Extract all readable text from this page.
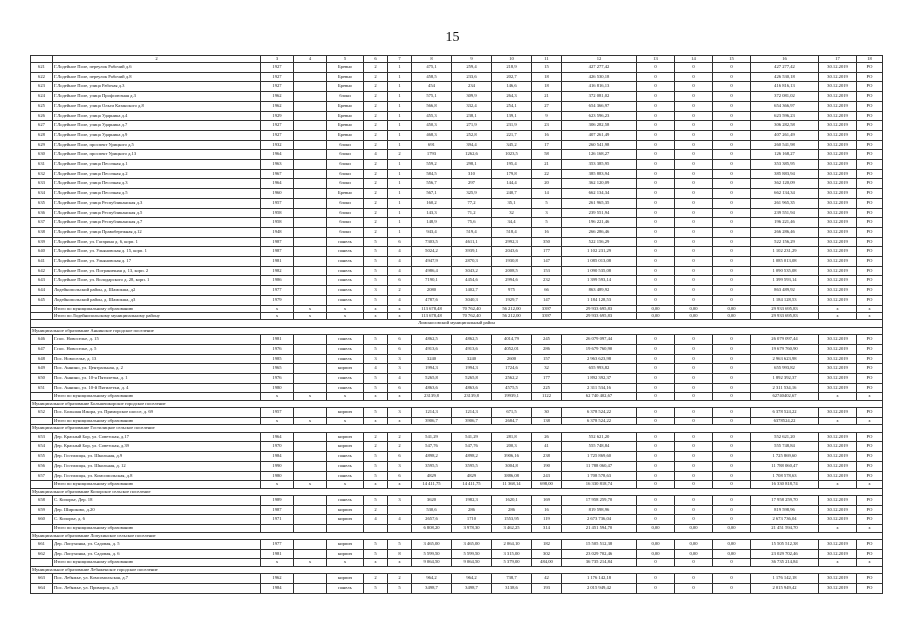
15
	2	3	4	5	6	7	8	9	10	11	12	13	14	15	16	17	18
621	Г.Лодейное Поле, переулок Рабочий д.6	1927		Бревно	2	1	475,1	259,4	218,9	15	427 277,42	0	0	0	427 277,42	30.12.2019	РО
622	Г.Лодейное Поле, переулок Рабочий д.8	1927		Бревно	2	1	458,5	233,6	202,7	18	426 530,18	0	0	0	426 530,18	30.12.2019	РО
623	Г.Лодейное Поле, улица Рабочая д.3	1927		Бревно	2	1	454	234	146,6	18	416 816,13	0	0	0	416 816,13	30.12.2019	РО
624	Г.Лодейное Поле, улица Профсоюзная д.3	1962		блоки	2	1	575,1	309,9	264,3	21	372 081,02	0	0	0	372 081,02	30.12.2019	РО
625	Г.Лодейное Поле, улица Ольги Казанского д.8	1962		Бревно	2	1	566,8	332,4	254,1	27	654 366,97	0	0	0	654 366,97	30.12.2019	РО
626	Г.Лодейное Поле, улица Ударника д.4	1929		Бревно	2	1	455,3	238,1	139,1	9	623 596,23	0	0	0	623 596,23	30.12.2019	РО
627	Г.Лодейное Поле, улица Ударника д.7	1927		Бревно	2	1	450,3	271,9	231,9	23	306 282,58	0	0	0	306 282,58	30.12.2019	РО
628	Г.Лодейное Поле, улица Ударника д.9	1927		Бревно	2	1	468,3	252,8	221,7	16	407 261,49	0	0	0	407 261,49	30.12.2019	РО
629	Г.Лодейное Поле, проспект Урицкого д.5	1932		блоки	2	1	691	394,4	345,2	17	260 541,98	0	0	0	260 541,98	30.12.2019	РО
630	Г.Лодейное Поле, проспект Урицкого д.13	1964		блоки	4	2	1793	1262,6	1023,5	58	126 168,27	0	0	0	126 168,27	30.12.2019	РО
631	Г.Лодейное Поле, улица Песочная д.1	1963		блоки	2	1	559,2	298,1	195,4	21	353 385,95	0	0	0	353 385,95	30.12.2019	РО
632	Г.Лодейное Поле, улица Песочная д.2	1967		блоки	2	1	584,5	310	179,8	22	385 883,94	0	0	0	385 883,94	30.12.2019	РО
633	Г.Лодейное Поле, улица Песочная д.3	1964		блоки	2	1	556,7	297	144,4	20	362 120,09	0	0	0	362 120,09	30.12.2019	РО
634	Г.Лодейное Поле, улица Песочная д.5	1960		Бревно	2	1	567,1	325,9	240,7	14	662 134,34	0	0	0	662 134,34	30.12.2019	РО
635	Г.Лодейное Поле, улица Республиканская д.3	1957		блоки	2	1	160,2	77,2	35,1	5	261 965,35	0	0	0	261 965,35	30.12.2019	РО
636	Г.Лодейное Поле, улица Республиканская д.5	1958		блоки	2	1	143,3	71,2	32	3	239 551,94	0	0	0	239 551,94	30.12.2019	РО
637	Г.Лодейное Поле, улица Республиканская д.7	1958		блоки	2	1	148,9	75,6	34,4	5	196 221,46	0	0	0	196 221,46	30.12.2019	РО
638	Г.Лодейное Поле, улица Правобережная д.12	1948		блоки	2	1	943,4	519,4	518,4	16	266 286,46	0	0	0	266 286,46	30.12.2019	РО
639	Г.Лодейное Поле, ул. Гагарина д. 6, корп. 1	1987		панель	5	6	7303,5	4611,1	2992,3	350	522 156,29	0	0	0	522 156,29	30.12.2019	РО
640	Г.Лодейное Поле, ул. Ульяновская д. 15, корп. 1	1987		панель	5	4	5024,2	3939,1	2043,6	177	1 102 231,29	0	0	0	1 102 231,29	30.12.2019	РО
641	Г.Лодейное Поле, ул. Ульяновская д. 17	1981		панель	5	4	4947,9	2870,3	1930,8	147	1 085 013,08	0	0	0	1 085 013,08	30.12.2019	РО
642	Г.Лодейное Поле, ул. Пограничная д. 13, корп. 2	1982		панель	5	4	4986,4	3043,2	2008,5	153	1 090 535,08	0	0	0	1 090 535,08	30.12.2019	РО
643	Г.Лодейное Поле, ул. Володарского д. 28, корп. 1	1986		панель	5	6	7190,1	4454,6	2994,6	232	1 399 593,14	0	0	0	1 399 593,14	30.12.2019	РО
644	Лодейнопольский район, д. Шамокша, д2	1977		панель	3	2	2080	1402,7	975	66	863 489,92	0	0	0	863 489,92	30.12.2019	РО
645	Лодейнопольский район, д. Шамокша, д3	1979		панель	5	4	4787,6	3040,3	1929,7	147	1 184 128,53	0	0	0	1 184 128,53	30.12.2019	РО
	Итого по муниципальному образованию	х	х	х	х	х	113 678,48	70 762,40	56 212,00	3397	29 933 695,83	0,00	0,00	0,00	29 933 695,83	х	х
	Итого по Лодейнопольскому муниципальному району	х	х	х	х	х	113 678,48	70 762,40	56 212,00	3397	29 933 695,83	0,00	0,00	0,00	29 933 695,83	х	х
Ломоносовский муниципальный район																	
Муниципальное образование Аннинское городское поселение																	
646	Г.пос. Новоселье, д. 15	1981		панель	5	6	4862,5	4862,5	4014,79	245	26 079 097,44	0	0	0	26 079 097,44	30.12.2019	РО
647	Г.пос. Новоселье, д. 5	1976		панель	5	6	4913,6	4913,6	4052,01	286	19 679 760,90	0	0	0	19 679 760,90	30.12.2019	РО
648	Пос. Новоселье, д. 13	1985		панель	3	3	3240	3240	2600	157	2 963 623,98	0	0	0	2 963 623,98	30.12.2019	РО
649	Пос. Аннино, ул. Центральная, д. 2	1965		кирпич	4	3	1994,3	1994,3	1724,6	32	655 993,82	0	0	0	655 993,82	30.12.2019	РО
650	Пос. Аннино, ул. 10-я Пятилетка, д. 1	1976		панель	5	4	5265,8	5265,8	2562,2	177	1 892 392,37	0	0	0	1 892 392,37	30.12.2019	РО
651	Пос. Аннино, ул. 10-й Пятилетки, д. 4	1980		панель	5	6	4863,6	4863,6	4575,5	225	2 311 534,16	0	0	0	2 311 534,16	30.12.2019	РО
	Итого по муниципальному образованию	х	х	х	х	х	23139,8	23139,8	19939,1	1122	62 740 402,67	0	0	0	62740402,67	х	х
Муниципальное образование Большеижорское городское поселение																	
652	Пос. Большая Ижора, ул. Приморское шоссе, д. 69	1957		кирпич	5	3	1214,3	1214,3	671,5	30	6 378 524,22	0	0	0	6 378 524,22	30.12.2019	РО
	Итого по муниципальному образованию	х	х	х	х	х	3906,7	3906,7	2684,7	138	6 378 524,22	0	0	0	6378524,22	х	х
Муниципальное образование Гостилицкое сельское поселение																	
653	Дер. Красный Бор, ул. Советская, д.17	1964		кирпич	2	2	541,29	541,29	281,8	26	552 621,20	0	0	0	552 621,20	30.12.2019	РО
654	Дер. Красный Бор, ул. Советская, д.39	1970		кирпич	2	2	547,76	547,76	200,3	41	555 748,84	0	0	0	555 748,84	30.12.2019	РО
655	Дер. Гостилицы, ул. Школьная, д.9	1984		панель	5	6	4898,2	4898,2	3906,16	238	1 725 869,60	0	0	0	1 725 869,60	30.12.2019	РО
656	Дер. Гостилицы, ул. Школьная, д. 12	1990		панель	5	3	3595,5	3595,5	3004,8	190	11 788 060,47	0	0	0	11 788 060,47	30.12.2019	РО
657	Дер. Гостилицы, ул. Комсомольская, д.8	1980		панель	5	6	4829	4829	3886,08	243	1 708 578,63	0	0	0	1 708 578,63	30.12.2019	РО
	Итого по муниципальному образованию	х	х	х	х	х	14 411,75	14 411,75	11 368,14	698,00	16 330 818,74	0	0	0	16 330 818,74	х	х
Муниципальное образование Копорское сельское поселение																	
658	С. Копорье, Дер. 18	1989		панель	5	3	3620	1982,3	1620,1	169	17 958 259,70	0	0	0	17 958 259,70	30.12.2019	РО
659	Дер. Широково, д.20	1987		кирпич	2		530,6	286	286	16	819 598,96	0	0	0	819 598,96	30.12.2019	РО
660	С. Копорье, д. 6	1971		кирпич	4	4	2657,6	1710	1553,95	119	2 673 736,04	0	0	0	2 673 736,04	30.12.2019	РО
	Итого по муниципальному образованию						6 808,20	3 978,30	3 462,25	314	21 451 594,70	0,00	0,00	0,00	21 451 594,70	х	х
Муниципальное образование Лопухинское сельское поселение																	
661	Дер. Лопухинка, ул. Садовая, д. 5	1977		кирпич	5	5	3 465,00	3 465,00	2 064,10	182	15 505 512,38	0,00	0,00	0,00	15 505 512,38	30.12.2019	РО
662	Дер. Лопухинка, ул. Садовая, д. 6	1981		кирпич	5	8	5 599,50	5 599,50	3 315,00	302	23 029 702,46	0,00	0,00	0,00	23 029 702,46	30.12.2019	РО
	Итого по муниципальному образованию	х	х	х	х	х	9 064,50	9 064,50	5 379,00	484,00	36 735 214,84	0	0	0	36 735 214,84	х	х
Муниципальное образование Лебяженское городское поселение																	
663	Пос. Лебяжье, ул. Комсомольская, д.7	1962		кирпич	2	2	964,2	964,2	738,7	42	1 176 142,18	0	0	0	1 176 142,18	30.12.2019	РО
664	Пос. Лебяжье, ул. Приморск, д.5	1984		панель	5	5	3498,7	3498,7	3138,6	193	2 015 949,42	0	0	0	2 015 949,42	30.12.2019	РО
